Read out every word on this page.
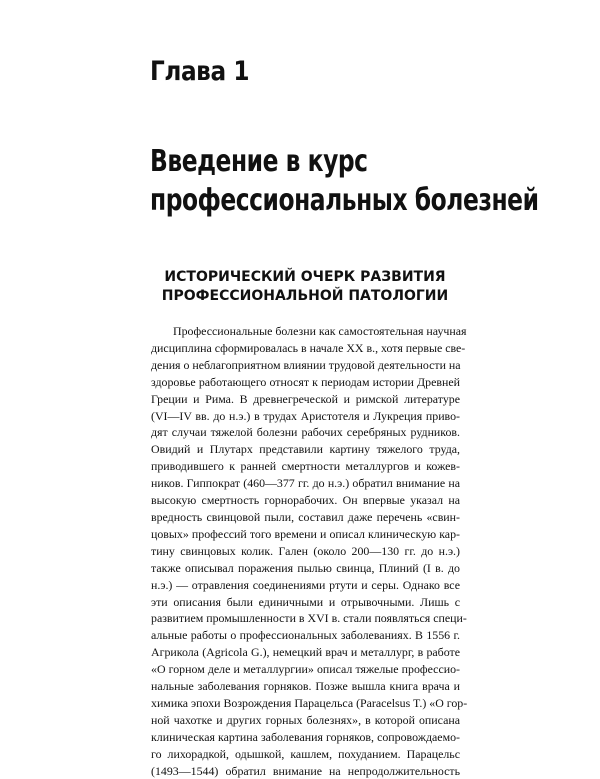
Глава 1
Введение в курс
профессиональных болезней
ИСТОРИЧЕСКИЙ ОЧЕРК РАЗВИТИЯ
ПРОФЕССИОНАЛЬНОЙ ПАТОЛОГИИ
Профессиональные болезни как самостоятельная научная
дисциплина сформировалась в начале XX в., хотя первые све-
дения о неблагоприятном влиянии трудовой деятельности на
здоровье работающего относят к периодам истории Древней
Греции и Рима. В древнегреческой и римской литературе
(VI—IV вв. до н.э.) в трудах Аристотеля и Лукреция приво-
дят случаи тяжелой болезни рабочих серебряных рудников.
Овидий и Плутарх представили картину тяжелого труда,
приводившего к ранней смертности металлургов и кожев-
ников. Гиппократ (460—377 гг. до н.э.) обратил внимание на
высокую смертность горнорабочих. Он впервые указал на
вредность свинцовой пыли, составил даже перечень «свин-
цовых» профессий того времени и описал клиническую кар-
тину свинцовых колик. Гален (около 200—130 гг. до н.э.)
также описывал поражения пылью свинца, Плиний (I в. до
н.э.) — отравления соединениями ртути и серы. Однако все
эти описания были единичными и отрывочными. Лишь с
развитием промышленности в XVI в. стали появляться специ-
альные работы о профессиональных заболеваниях. В 1556 г.
Агрикола (Agricola G.), немецкий врач и металлург, в работе
«О горном деле и металлургии» описал тяжелые профессио-
нальные заболевания горняков. Позже вышла книга врача и
химика эпохи Возрождения Парацельса (Paracelsus T.) «О гор-
ной чахотке и других горных болезнях», в которой описана
клиническая картина заболевания горняков, сопровождаемо-
го лихорадкой, одышкой, кашлем, похуданием. Парацельс
(1493—1544) обратил внимание на непродолжительность
